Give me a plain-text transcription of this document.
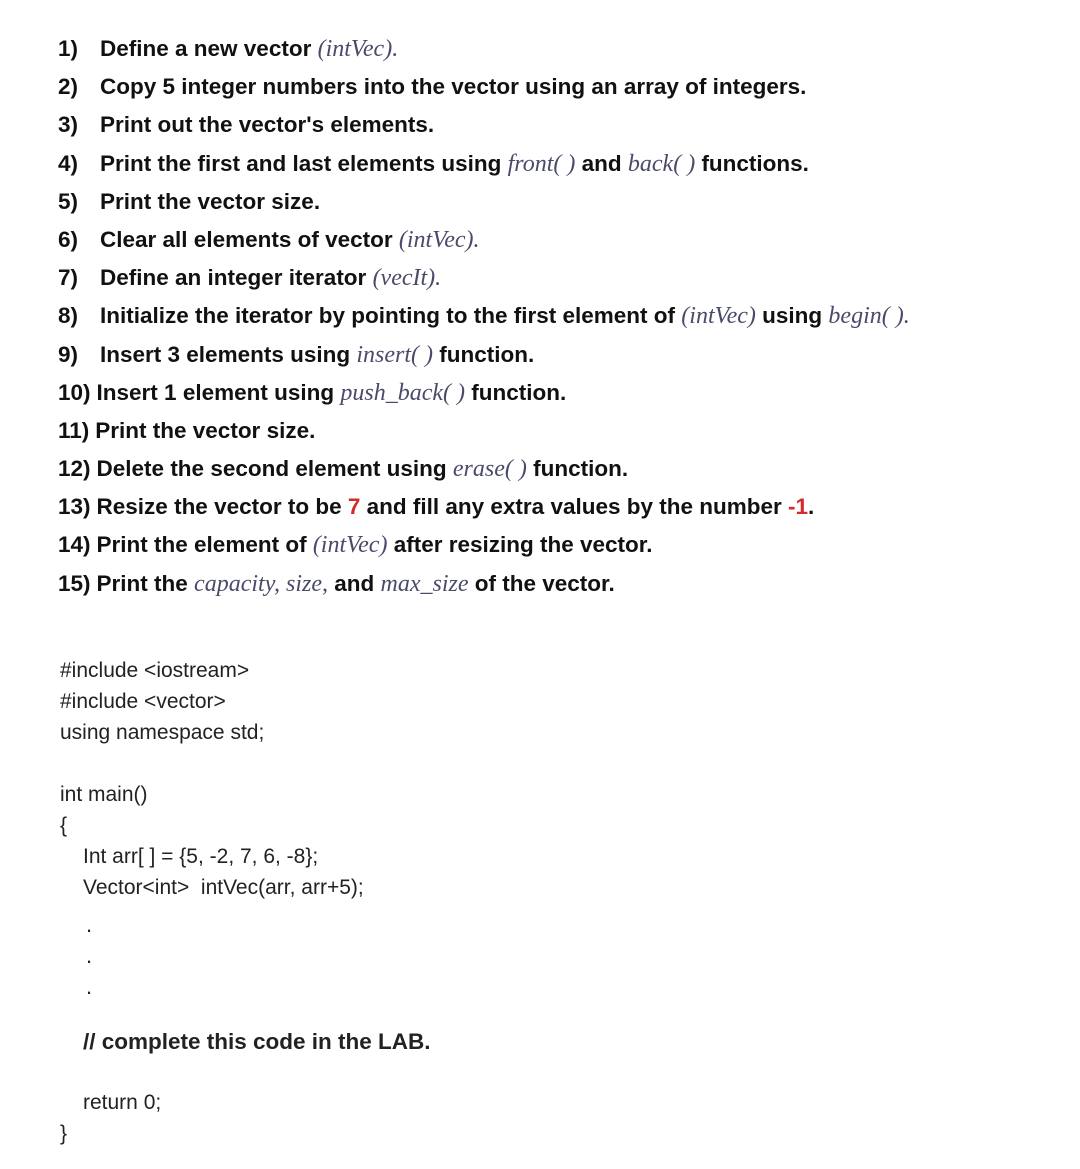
1) Define a new vector (intVec).
2) Copy 5 integer numbers into the vector using an array of integers.
3) Print out the vector's elements.
4) Print the first and last elements using front( ) and back( ) functions.
5) Print the vector size.
6) Clear all elements of vector (intVec).
7) Define an integer iterator (vecIt).
8) Initialize the iterator by pointing to the first element of (intVec) using begin( ).
9) Insert 3 elements using insert( ) function.
10) Insert 1 element using push_back( ) function.
11) Print the vector size.
12) Delete the second element using erase( ) function.
13) Resize the vector to be 7 and fill any extra values by the number -1.
14) Print the element of (intVec) after resizing the vector.
15) Print the capacity, size, and max_size of the vector.
#include <iostream>
#include <vector>
using namespace std;
int main()
{
Int arr[ ] = {5, -2, 7, 6, -8};
Vector<int>  intVec(arr, arr+5);
.
.
.
// complete this code in the LAB.
return 0;
}
